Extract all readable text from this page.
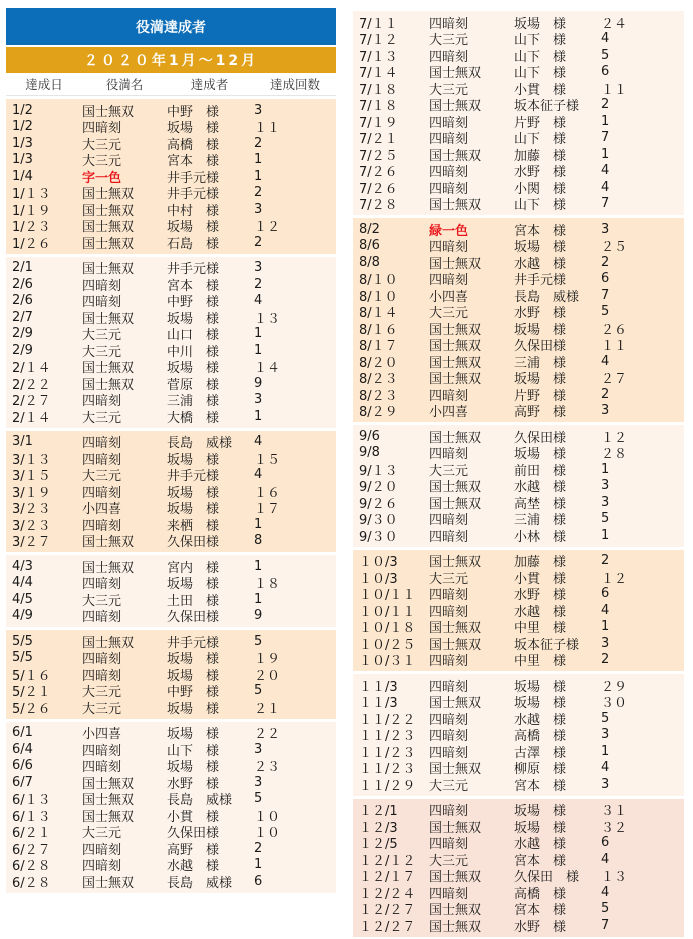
役満達成者
２０２０年1月～12月
達成日	役満名	達成者	達成回数
1/2	国士無双	中野　様	3
1/2	四暗刻	坂場　様	１１
1/3	大三元	高橋　様	2
1/3	大三元	宮本　様	1
1/4	字一色	井手元様	1
1/１３	国士無双	井手元様	2
1/１９	国士無双	中村　様	3
1/２３	国士無双	坂場　様	１２
1/２６	国士無双	石島　様	2
2/1	国士無双	井手元様	3
2/6	四暗刻	宮本　様	2
2/6	四暗刻	中野　様	4
2/7	国士無双	坂場　様	１３
2/9	大三元	山口　様	1
2/9	大三元	中川　様	1
2/１４	国士無双	坂場　様	１４
2/２２	国士無双	菅原　様	9
2/２７	四暗刻	三浦　様	3
2/１４	大三元	大橋　様	1
3/1	四暗刻	長島　威様	4
3/１３	四暗刻	坂場　様	１５
3/１５	大三元	井手元様	4
3/１９	四暗刻	坂場　様	１６
3/２３	小四喜	坂場　様	１７
3/２３	四暗刻	来栖　様	1
3/２７	国士無双	久保田様	8
4/3	国士無双	宮内　様	1
4/4	四暗刻	坂場　様	１８
4/5	大三元	土田　様	1
4/9	四暗刻	久保田様	9
5/5	国士無双	井手元様	5
5/5	四暗刻	坂場　様	１９
5/１６	四暗刻	坂場　様	２０
5/２１	大三元	中野　様	5
5/２６	大三元	坂場　様	２１
6/1	小四喜	坂場　様	２２
6/4	四暗刻	山下　様	3
6/6	四暗刻	坂場　様	２３
6/7	国士無双	水野　様	3
6/１３	国士無双	長島　威様	5
6/１３	国士無双	小貫　様	１０
6/２１	大三元	久保田様	１０
6/２７	四暗刻	高野　様	2
6/２８	四暗刻	水越　様	1
6/２８	国士無双	長島　威様	6
7/１１	四暗刻	坂場　様	２４
7/１２	大三元	山下　様	4
7/１３	四暗刻	山下　様	5
7/１４	国士無双	山下　様	6
7/１８	大三元	小貫　様	１１
7/１８	国士無双	坂本征子様	2
7/１９	四暗刻	片野　様	1
7/２１	四暗刻	山下　様	7
7/２５	国士無双	加藤　様	1
7/２６	四暗刻	水野　様	4
7/２６	四暗刻	小関　様	4
7/２８	国士無双	山下　様	7
8/2	緑一色	宮本　様	3
8/6	四暗刻	坂場　様	２５
8/8	国士無双	水越　様	2
8/１０	四暗刻	井手元様	6
8/１０	小四喜	長島　威様	7
8/１４	大三元	水野　様	5
8/１６	国士無双	坂場　様	２６
8/１７	国士無双	久保田様	１１
8/２０	国士無双	三浦　様	4
8/２３	国士無双	坂場　様	２７
8/２３	四暗刻	片野　様	2
8/２９	小四喜	高野　様	3
9/6	国士無双	久保田様	１２
9/8	四暗刻	坂場　様	２８
9/１３	大三元	前田　様	1
9/２０	国士無双	水越　様	3
9/２６	国士無双	高埜　様	3
9/３０	四暗刻	三浦　様	5
9/３０	四暗刻	小林　様	1
１０/3	国士無双	加藤　様	2
１０/3	大三元	小貫　様	１２
１０/１１	四暗刻	水野　様	6
１０/１１	四暗刻	水越　様	4
１０/１８	国士無双	中里　様	1
１０/２５	国士無双	坂本征子様	3
１０/３１	四暗刻	中里　様	2
１１/3	四暗刻	坂場　様	２９
１１/3	国士無双	坂場　様	３０
１１/２２	四暗刻	水越　様	5
１１/２３	四暗刻	高橋　様	3
１１/２３	四暗刻	古澤　様	1
１１/２３	国士無双	柳原　様	4
１１/２９	大三元	宮本　様	3
１２/1	四暗刻	坂場　様	３１
１２/3	国士無双	坂場　様	３２
１２/5	四暗刻	水越　様	6
１２/１２	大三元	宮本　様	4
１２/１７	国士無双	久保田　様	１３
１２/２４	四暗刻	高橋　様	4
１２/２７	国士無双	宮本　様	5
１２/２７	国士無双	水野　様	7
